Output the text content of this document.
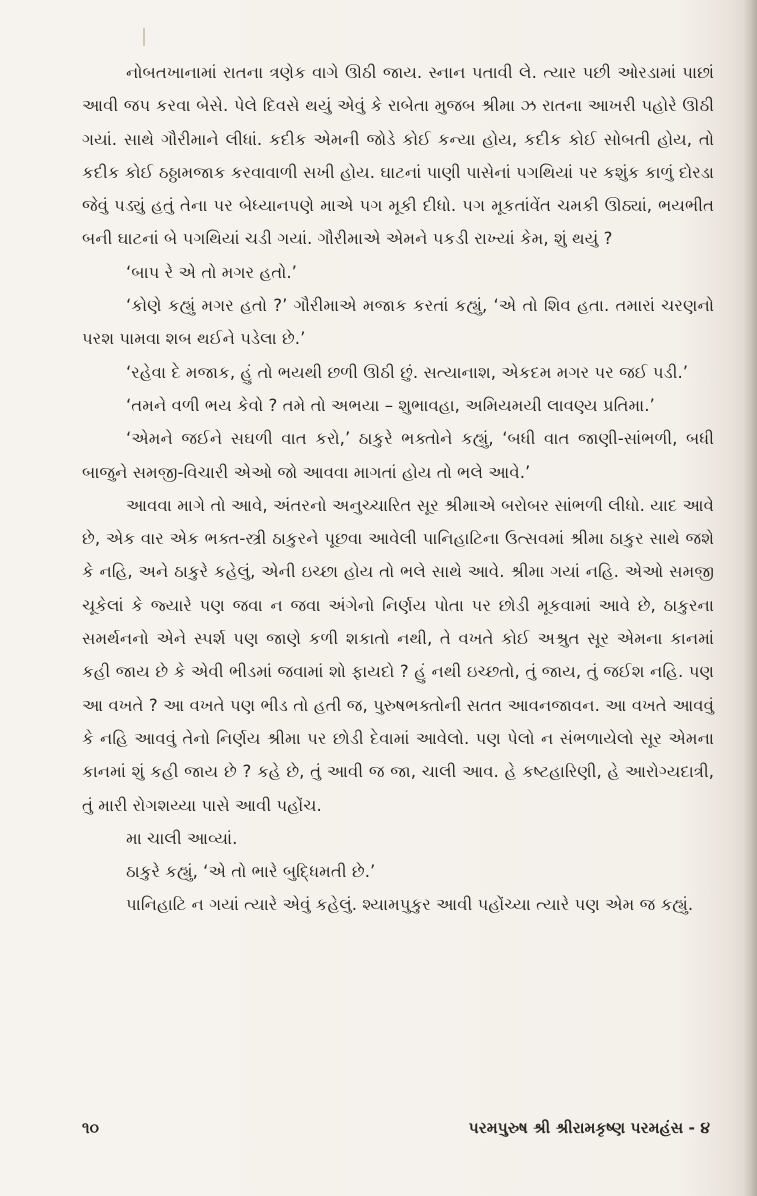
નોબતખાનામાં રાતના ત્રણેક વાગે ઊઠી જાય. સ્નાન પતાવી લે. ત્યાર પછી ઓરડામાં પાછાં આવી જપ કરવા બેસે. પેલે દિવસે થયું એવું કે રાબેતા મુજબ શ્રીમા ઝ રાતના આખરી પહોરે ઊઠી ગયાં. સાથે ગૌરીમાને લીધાં. કદીક એમની જોડે કોઈ કન્યા હોય, કદીક કોઈ સોબતી હોય, તો કદીક કોઈ ઠઠ્ઠામજાક કરવાવાળી સખી હોય. ઘાટનાં પાણી પાસેનાં પગથિયાં પર કશુંક કાળું દોરડા જેવું પડ્યું હતું તેના પર બેધ્યાનપણે માએ પગ મૂકી દીધો. પગ મૂકતાંવેંત ચમકી ઊઠ્યાં, ભયભીત બની ઘાટનાં બે પગથિયાં ચડી ગયાં. ગૌરીમાએ એમને પકડી રાખ્યાં કેમ, શું થયું ?

‘બાપ રે એ તો મગર હતો.’

‘કોણે કહ્યું મગર હતો ?’ ગૌરીમાએ મજાક કરતાં કહ્યું, ‘એ તો શિવ હતા. તમારાં ચરણનો પરશ પામવા શબ થઈને પડેલા છે.’

‘રહેવા દે મજાક, હું તો ભયથી છળી ઊઠી છું. સત્યાનાશ, એકદમ મગર પર જઈ પડી.’

‘તમને વળી ભય કેવો ? તમે તો અભયા – શુભાવહા, અમિયમયી લાવણ્ય પ્રતિમા.’

‘એમને જઈને સઘળી વાત કરો,’ ઠાકુરે ભક્તોને કહ્યું, ‘બધી વાત જાણી-સાંભળી, બધી બાજુને સમજી-વિચારી એઓ જો આવવા માગતાં હોય તો ભલે આવે.’

આવવા માગે તો આવે, અંતરનો અનુચ્ચારિત સૂર શ્રીમાએ બરોબર સાંભળી લીધો. યાદ આવે છે, એક વાર એક ભક્ત-સ્ત્રી ઠાકુરને પૂછવા આવેલી પાનિહાટિના ઉત્સવમાં શ્રીમા ઠાકુર સાથે જશે કે નહિ, અને ઠાકુરે કહેલું, એની ઇચ્છા હોય તો ભલે સાથે આવે. શ્રીમા ગયાં નહિ. એઓ સમજી ચૂકેલાં કે જ્યારે પણ જવા ન જવા અંગેનો નિર્ણય પોતા પર છોડી મૂકવામાં આવે છે, ઠાકુરના સમર્થનનો એને સ્પર્શ પણ જાણે કળી શકાતો નથી, તે વખતે કોઈ અશ્રુત સૂર એમના કાનમાં કહી જાય છે કે એવી ભીડમાં જવામાં શો ફાયદો ? હું નથી ઇચ્છતો, તું જાય, તું જઈશ નહિ. પણ આ વખતે ? આ વખતે પણ ભીડ તો હતી જ, પુરુષભક્તોની સતત આવનજાવન. આ વખતે આવવું કે નહિ આવવું તેનો નિર્ણય શ્રીમા પર છોડી દેવામાં આવેલો. પણ પેલો ન સંભળાયેલો સૂર એમના કાનમાં શું કહી જાય છે ? કહે છે, તું આવી જ જા, ચાલી આવ. હે કષ્ટહારિણી, હે આરોગ્યદાત્રી, તું મારી રોગશય્યા પાસે આવી પહોંચ.

મા ચાલી આવ્યાં.

ઠાકુરે કહ્યું, ‘એ તો ભારે બુદ્ધિમતી છે.’

પાનિહાટિ ન ગયાં ત્યારે એવું કહેલું. શ્યામપુકુર આવી પહોંચ્યા ત્યારે પણ એમ જ કહ્યું.

૧૦	પરમપુરુષ શ્રી શ્રીરામકૃષ્ણ પરમહંસ - ૪
